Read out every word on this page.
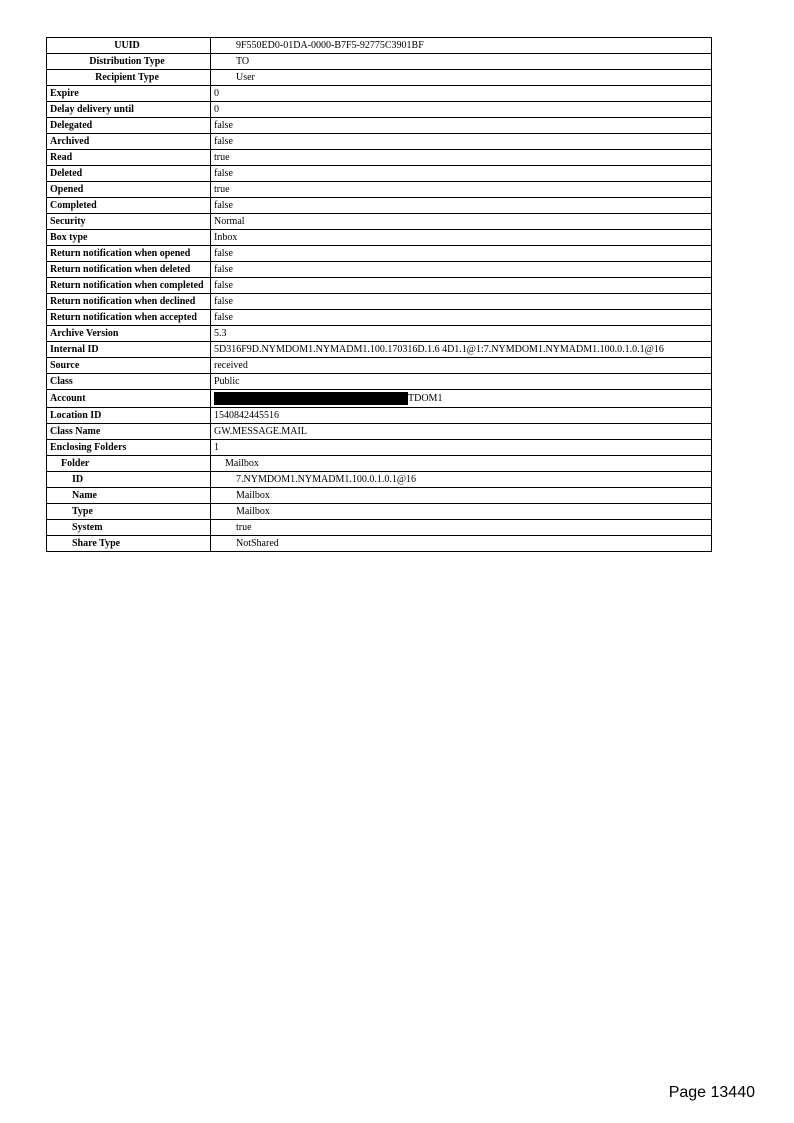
UUID	9F550ED0-01DA-0000-B7F5-92775C3901BF
Distribution Type	TO
Recipient Type	User
Expire	0
Delay delivery until	0
Delegated	false
Archived	false
Read	true
Deleted	false
Opened	true
Completed	false
Security	Normal
Box type	Inbox
Return notification when opened	false
Return notification when deleted	false
Return notification when completed	false
Return notification when declined	false
Return notification when accepted	false
Archive Version	5.3
Internal ID	5D316F9D.NYMDOM1.NYMADM1.100.170316D.1.6 4D1.1@1:7.NYMDOM1.NYMADM1.100.0.1.0.1@16
Source	received
Class	Public
Account	TDOM1
Location ID	1540842445516
Class Name	GW.MESSAGE.MAIL
Enclosing Folders	1
Folder	Mailbox
ID	7.NYMDOM1.NYMADM1.100.0.1.0.1@16
Name	Mailbox
Type	Mailbox
System	true
Share Type	NotShared
Page 13440
